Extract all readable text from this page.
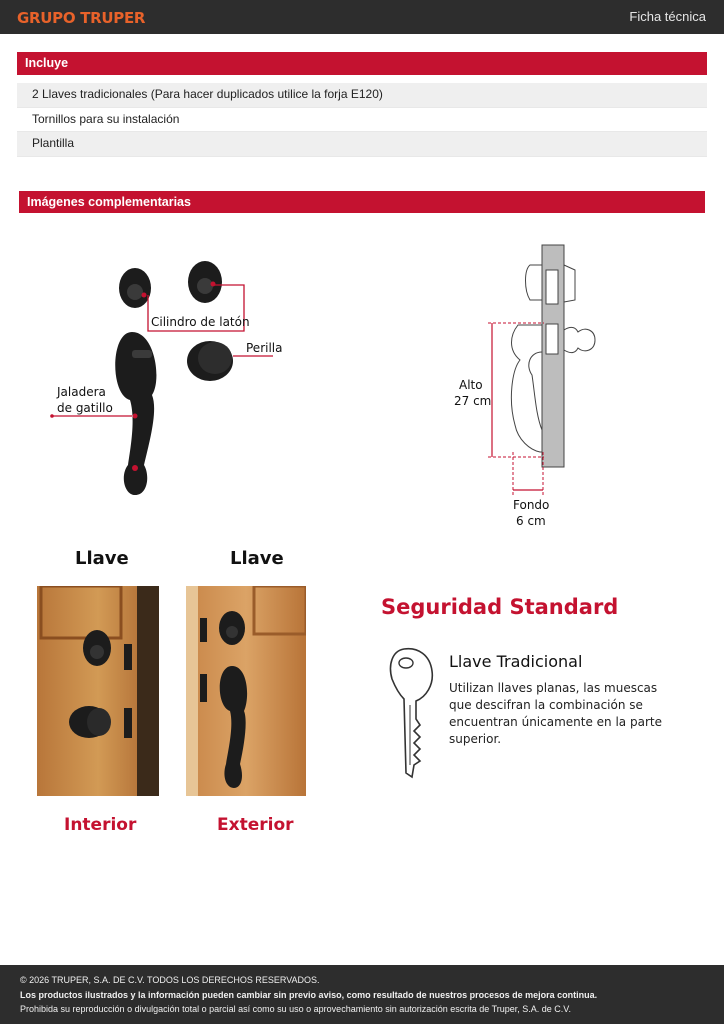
GRUPO TRUPER	Ficha técnica
Incluye
2 Llaves tradicionales (Para hacer duplicados utilice la forja E120)
Tornillos para su instalación
Plantilla
Imágenes complementarias
Cilindro de latón
Perilla
Jaladera
de gatillo
Alto
27 cm
Fondo
6 cm
Llave	Llave
Interior	Exterior
Seguridad Standard
Llave Tradicional
Utilizan llaves planas, las muescas que descifran la combinación se encuentran únicamente en la parte superior.
© 2026 TRUPER, S.A. DE C.V. TODOS LOS DERECHOS RESERVADOS.
Los productos ilustrados y la información pueden cambiar sin previo aviso, como resultado de nuestros procesos de mejora continua.
Prohibida su reproducción o divulgación total o parcial así como su uso o aprovechamiento sin autorización escrita de Truper, S.A. de C.V.
